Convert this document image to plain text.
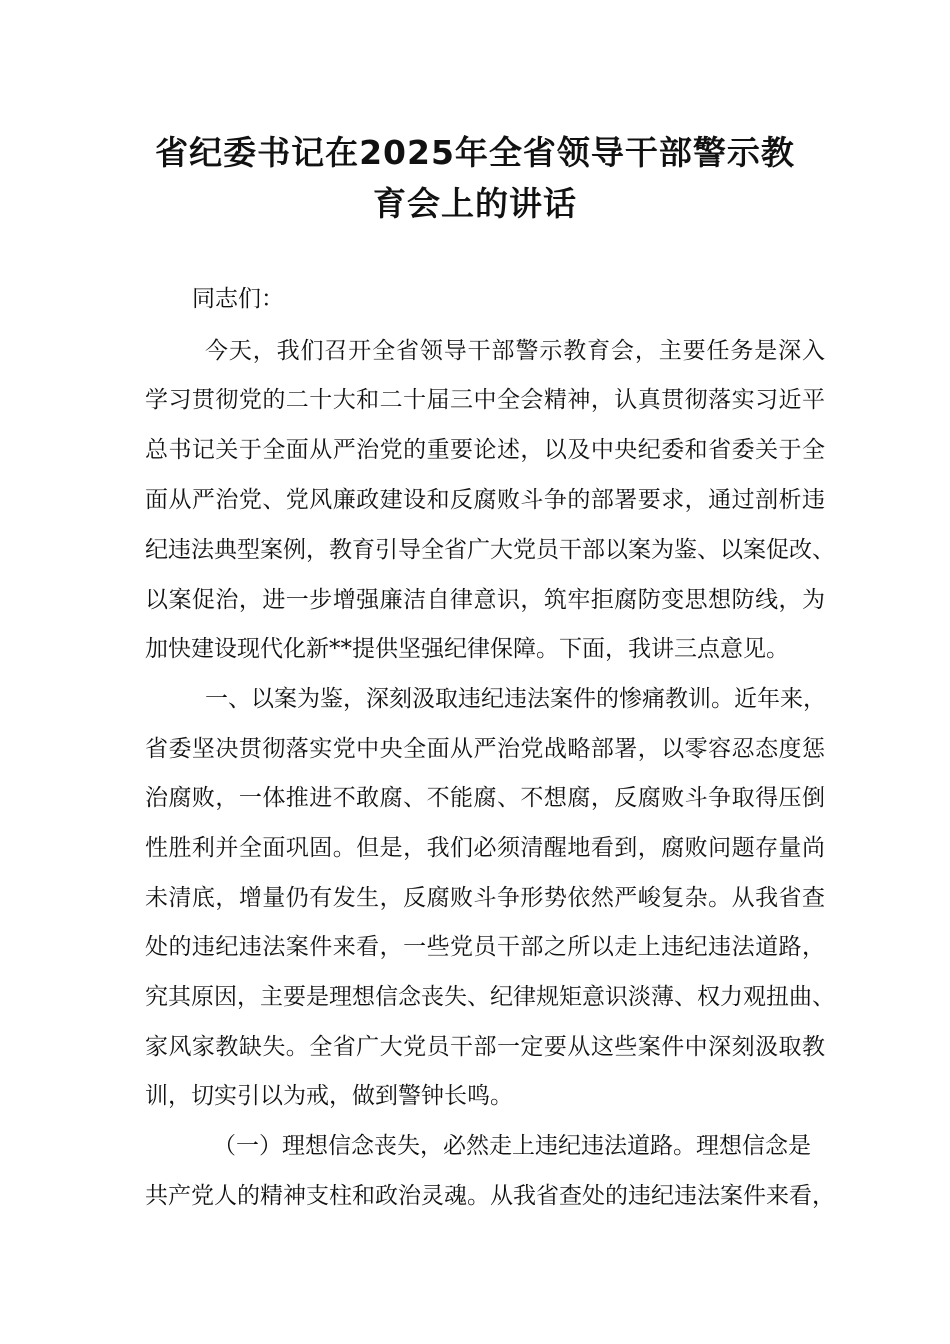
省纪委书记在2025年全省领导干部警示教
育会上的讲话
同志们：
今天，我们召开全省领导干部警示教育会，主要任务是深入
学习贯彻党的二十大和二十届三中全会精神，认真贯彻落实习近平
总书记关于全面从严治党的重要论述，以及中央纪委和省委关于全
面从严治党、党风廉政建设和反腐败斗争的部署要求，通过剖析违
纪违法典型案例，教育引导全省广大党员干部以案为鉴、以案促改、
以案促治，进一步增强廉洁自律意识，筑牢拒腐防变思想防线，为
加快建设现代化新**提供坚强纪律保障。下面，我讲三点意见。
一、以案为鉴，深刻汲取违纪违法案件的惨痛教训。近年来，
省委坚决贯彻落实党中央全面从严治党战略部署，以零容忍态度惩
治腐败，一体推进不敢腐、不能腐、不想腐，反腐败斗争取得压倒
性胜利并全面巩固。但是，我们必须清醒地看到，腐败问题存量尚
未清底，增量仍有发生，反腐败斗争形势依然严峻复杂。从我省查
处的违纪违法案件来看，一些党员干部之所以走上违纪违法道路，
究其原因，主要是理想信念丧失、纪律规矩意识淡薄、权力观扭曲、
家风家教缺失。全省广大党员干部一定要从这些案件中深刻汲取教
训，切实引以为戒，做到警钟长鸣。
（一）理想信念丧失，必然走上违纪违法道路。理想信念是
共产党人的精神支柱和政治灵魂。从我省查处的违纪违法案件来看，
